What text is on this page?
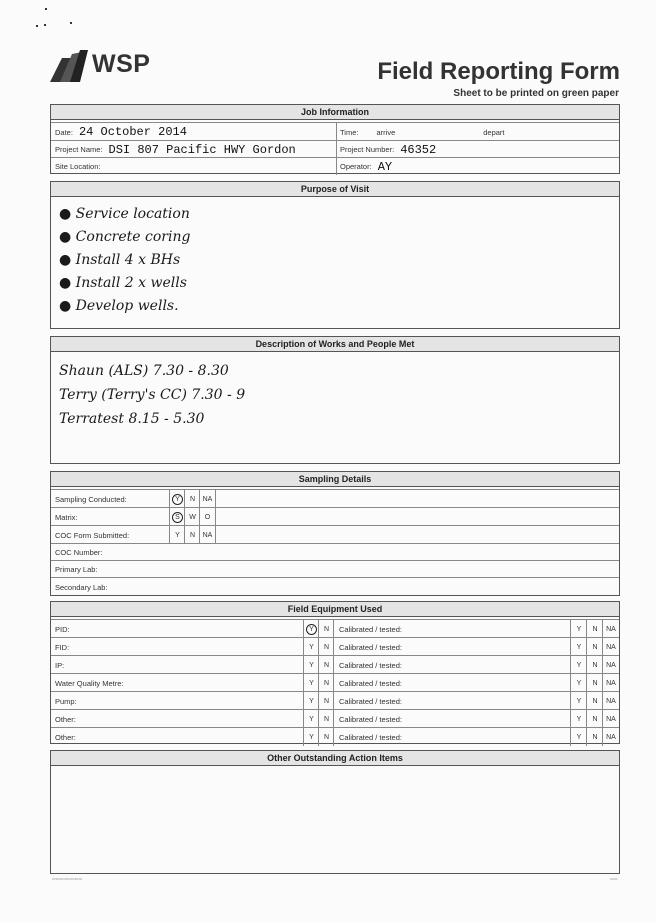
WSP	Field Reporting Form
Sheet to be printed on green paper
Job Information
Date: 24 October 2014	Time: arrive	depart
Project Name: DSI 807 Pacific HWY Gordon	Project Number: 46352
Site Location:	Operator: AY
Purpose of Visit
● Service location
● Concrete coring
● Install 4 x BHs
● Install 2 x wells
● Develop wells.
Description of Works and People Met
Shaun (ALS) 7.30 - 8.30
Terry (Terry's CC) 7.30 - 9
Terratest 8.15 - 5.30
Sampling Details
Sampling Conducted:	Y	N	NA
Matrix:	S	W	O
COC Form Submitted:	Y	N	NA
COC Number:
Primary Lab:
Secondary Lab:
Field Equipment Used
PID:	Y	N	Calibrated / tested:	Y	N	NA
FID:	Y N	Calibrated / tested:	Y	N	NA
IP:	Y N	Calibrated / tested:	Y	N	NA
Water Quality Metre:	Y N	Calibrated / tested:	Y	N	NA
Pump:	Y N	Calibrated / tested:	Y	N	NA
Other:	Y N	Calibrated / tested:	Y	N	NA
Other:	Y N	Calibrated / tested:	Y	N	NA
Other Outstanding Action Items
▭▭▭▭▭▭▭▭	▭▭
